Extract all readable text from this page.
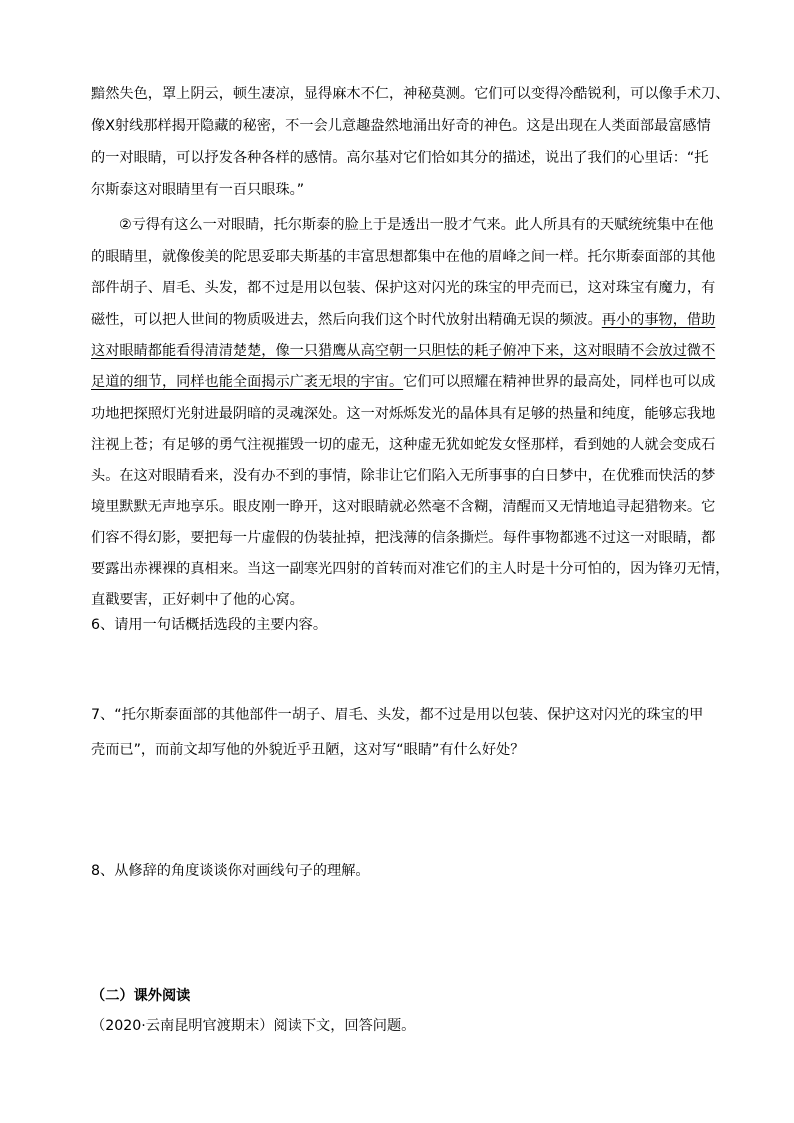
黯然失色，罩上阴云，顿生凄凉，显得麻木不仁，神秘莫测。它们可以变得冷酷锐利，可以像手术刀、
像X射线那样揭开隐藏的秘密，不一会儿意趣盎然地涌出好奇的神色。这是出现在人类面部最富感情
的一对眼睛，可以抒发各种各样的感情。高尔基对它们恰如其分的描述，说出了我们的心里话：“托
尔斯泰这对眼睛里有一百只眼珠。”
②亏得有这么一对眼睛，托尔斯泰的脸上于是透出一股才气来。此人所具有的天赋统统集中在他
的眼睛里，就像俊美的陀思妥耶夫斯基的丰富思想都集中在他的眉峰之间一样。托尔斯泰面部的其他
部件胡子、眉毛、头发，都不过是用以包装、保护这对闪光的珠宝的甲壳而已，这对珠宝有魔力，有
磁性，可以把人世间的物质吸进去，然后向我们这个时代放射出精确无误的频波。再小的事物，借助
这对眼睛都能看得清清楚楚，像一只猎鹰从高空朝一只胆怯的耗子俯冲下来，这对眼睛不会放过微不
足道的细节，同样也能全面揭示广袤无垠的宇宙。它们可以照耀在精神世界的最高处，同样也可以成
功地把探照灯光射进最阴暗的灵魂深处。这一对烁烁发光的晶体具有足够的热量和纯度，能够忘我地
注视上苍；有足够的勇气注视摧毁一切的虚无，这种虚无犹如蛇发女怪那样，看到她的人就会变成石
头。在这对眼睛看来，没有办不到的事情，除非让它们陷入无所事事的白日梦中，在优雅而快活的梦
境里默默无声地享乐。眼皮刚一睁开，这对眼睛就必然毫不含糊，清醒而又无情地追寻起猎物来。它
们容不得幻影，要把每一片虚假的伪装扯掉，把浅薄的信条撕烂。每件事物都逃不过这一对眼睛，都
要露出赤裸裸的真相来。当这一副寒光四射的首转而对准它们的主人时是十分可怕的，因为锋刃无情，
直戳要害，正好刺中了他的心窝。
6、请用一句话概括选段的主要内容。
7、“托尔斯泰面部的其他部件一胡子、眉毛、头发，都不过是用以包装、保护这对闪光的珠宝的甲
壳而已”，而前文却写他的外貌近乎丑陋，这对写“眼睛”有什么好处？
8、从修辞的角度谈谈你对画线句子的理解。
（二）课外阅读
（2020·云南昆明官渡期末）阅读下文，回答问题。
